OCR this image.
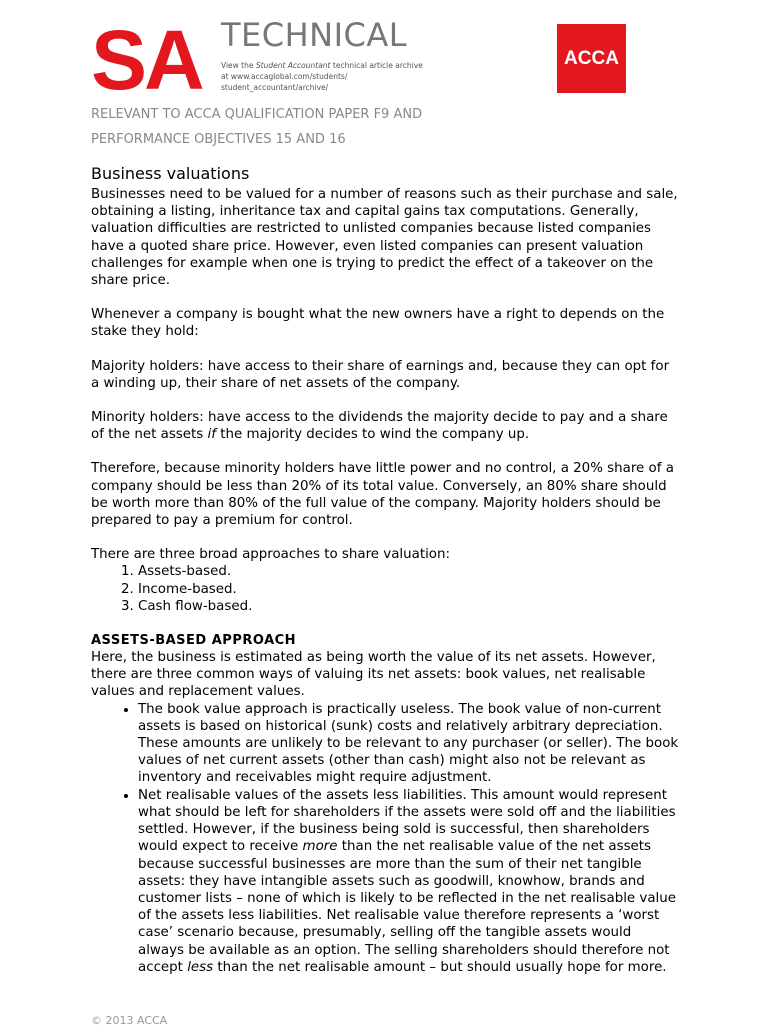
SA TECHNICAL
View the Student Accountant technical article archive at www.accaglobal.com/students/ student_accountant/archive/
ACCA
RELEVANT TO ACCA QUALIFICATION PAPER F9 AND
PERFORMANCE OBJECTIVES 15 AND 16
Business valuations

Businesses need to be valued for a number of reasons such as their purchase and sale, obtaining a listing, inheritance tax and capital gains tax computations. Generally, valuation difficulties are restricted to unlisted companies because listed companies have a quoted share price. However, even listed companies can present valuation challenges for example when one is trying to predict the effect of a takeover on the share price.

Whenever a company is bought what the new owners have a right to depends on the stake they hold:

Majority holders: have access to their share of earnings and, because they can opt for a winding up, their share of net assets of the company.

Minority holders: have access to the dividends the majority decide to pay and a share of the net assets if the majority decides to wind the company up.

Therefore, because minority holders have little power and no control, a 20% share of a company should be less than 20% of its total value. Conversely, an 80% share should be worth more than 80% of the full value of the company. Majority holders should be prepared to pay a premium for control.

There are three broad approaches to share valuation:
1. Assets-based.
2. Income-based.
3. Cash flow-based.
ASSETS-BASED APPROACH
Here, the business is estimated as being worth the value of its net assets. However, there are three common ways of valuing its net assets: book values, net realisable values and replacement values.
• The book value approach is practically useless. The book value of non-current assets is based on historical (sunk) costs and relatively arbitrary depreciation. These amounts are unlikely to be relevant to any purchaser (or seller). The book values of net current assets (other than cash) might also not be relevant as inventory and receivables might require adjustment.
• Net realisable values of the assets less liabilities. This amount would represent what should be left for shareholders if the assets were sold off and the liabilities settled. However, if the business being sold is successful, then shareholders would expect to receive more than the net realisable value of the net assets because successful businesses are more than the sum of their net tangible assets: they have intangible assets such as goodwill, knowhow, brands and customer lists – none of which is likely to be reflected in the net realisable value of the assets less liabilities. Net realisable value therefore represents a ‘worst case’ scenario because, presumably, selling off the tangible assets would always be available as an option. The selling shareholders should therefore not accept less than the net realisable amount – but should usually hope for more.
© 2013 ACCA
